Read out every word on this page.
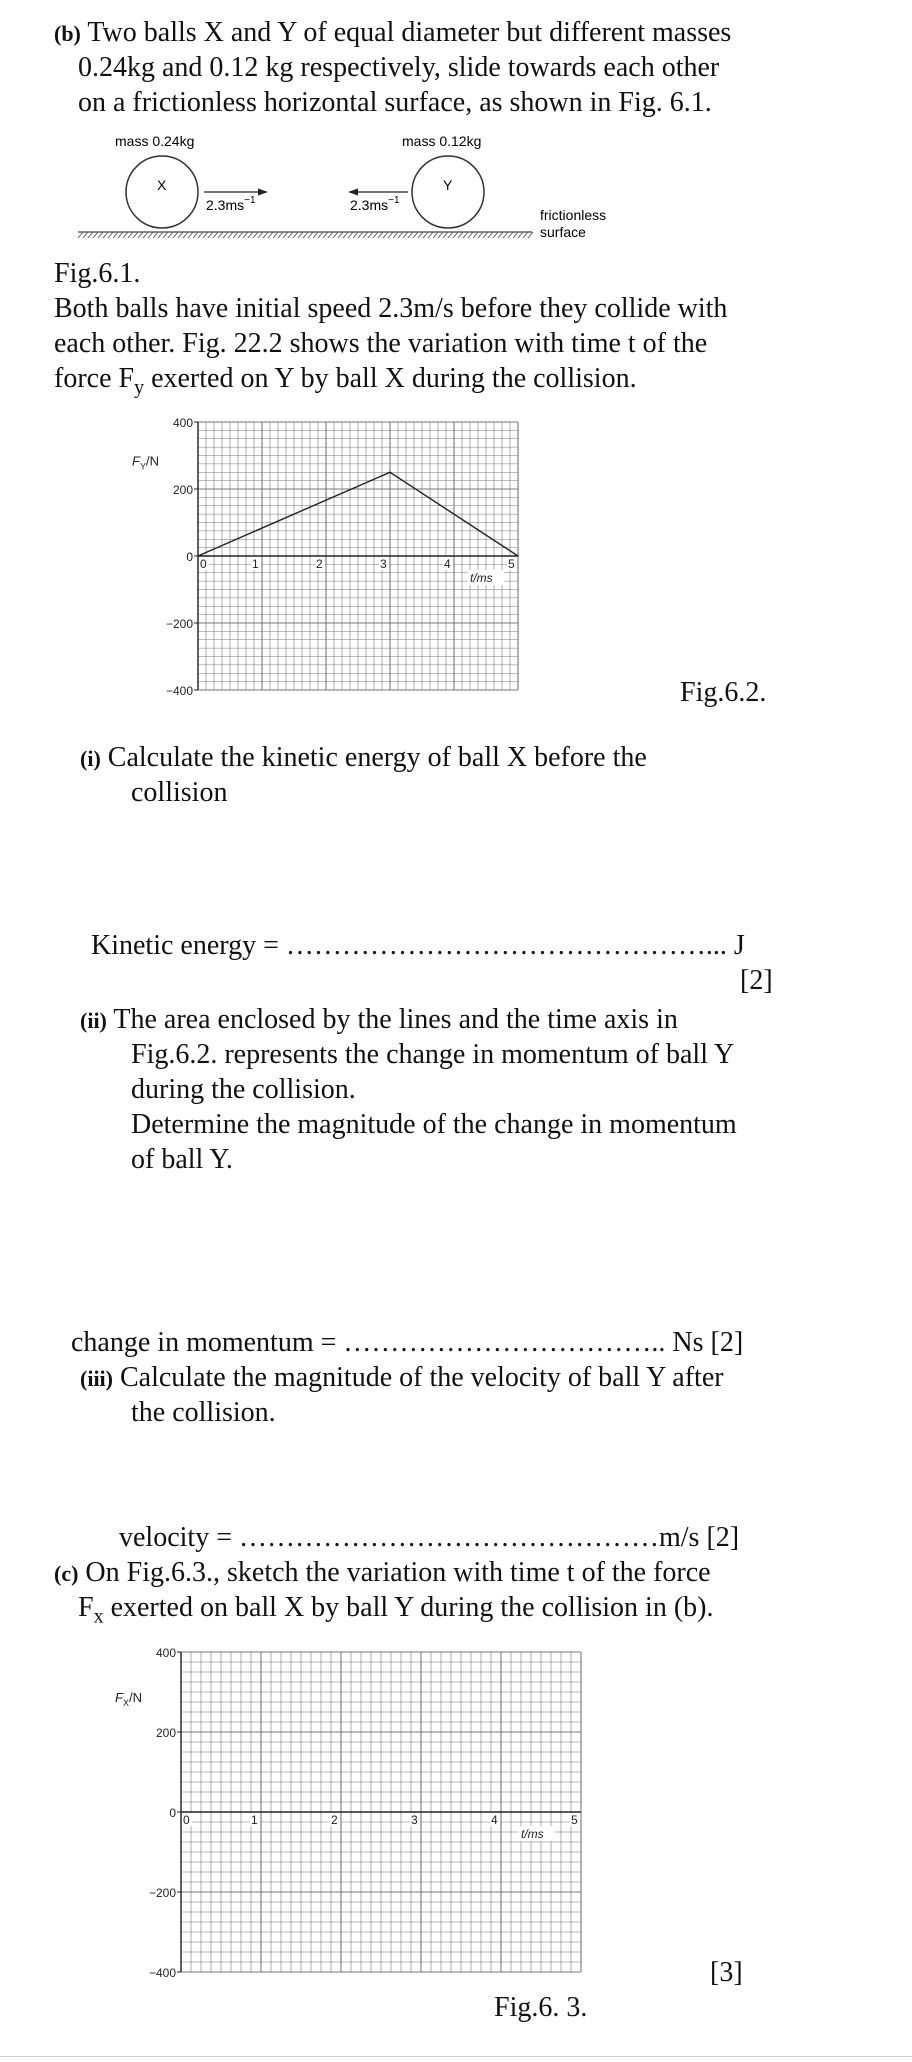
(b) Two balls X and Y of equal diameter but different masses
0.24kg and 0.12 kg respectively, slide towards each other
on a frictionless horizontal surface, as shown in Fig. 6.1.
mass 0.24kg	mass 0.12kg
X	Y
$2.3ms^{-1}$	$2.3ms^{-1}$
frictionless
surface
Fig.6.1.
Both balls have initial speed 2.3m/s before they collide with
each other. Fig. 22.2 shows the variation with time t of the
force $F_y$ exerted on Y by ball X during the collision.
400
200
0
−200
−400
0	1	2	3	4	5
t/ms
$F_Y/N$
Fig.6.2.
(i) Calculate the kinetic energy of ball X before the
collision
Kinetic energy = ………………………………………... J
[2]
(ii) The area enclosed by the lines and the time axis in
Fig.6.2. represents the change in momentum of ball Y
during the collision.
Determine the magnitude of the change in momentum
of ball Y.
change in momentum = …………………………….. Ns [2]
(iii) Calculate the magnitude of the velocity of ball Y after
the collision.
velocity = ………………………………………m/s [2]
(c) On Fig.6.3., sketch the variation with time t of the force
$F_x$ exerted on ball X by ball Y during the collision in (b).
400
200
0
−200
−400
0	1	2	3	4	5
t/ms
$F_X/N$
[3]
Fig.6. 3.
